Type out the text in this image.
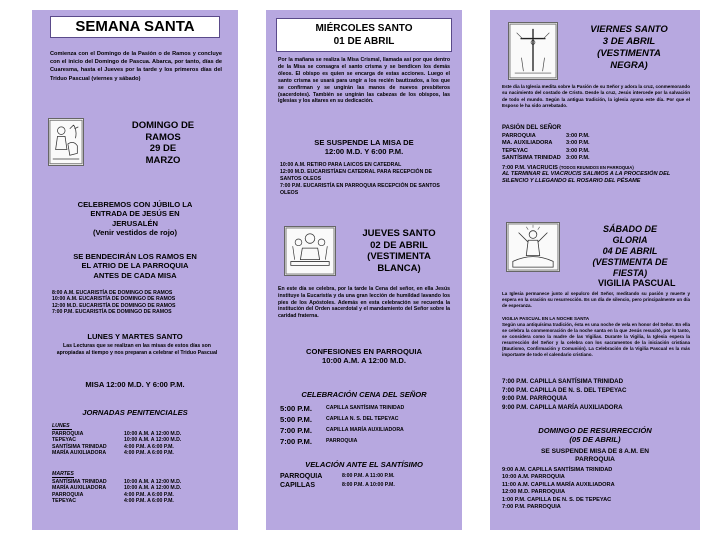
SEMANA SANTA
Comienza con el Domingo de la Pasión o de Ramos y concluye con el inicio del Domingo de Pascua. Abarca, por tanto, días de Cuaresma, hasta el Jueves por la tarde y los primeros días del Triduo Pascual (viernes y sábado)
DOMINGO DE
RAMOS
29 DE
MARZO
CELEBREMOS CON JÚBILO LA
ENTRADA DE JESÚS EN
JERUSALÉN
(Venir vestidos de rojo)
SE BENDECIRÁN LOS RAMOS EN
EL ATRIO DE LA PARROQUIA
ANTES DE CADA MISA
8:00 A.M. EUCARISTÍA DE DOMINGO DE RAMOS
10:00 A.M. EUCARISTÍA DE DOMINGO DE RAMOS
12:00 M.D. EUCARISTÍA DE DOMINGO DE RAMOS
7:00 P.M. EUCARISTÍA DE DOMINGO DE RAMOS
LUNES Y MARTES SANTO
Las Lecturas que se realizan en las misas de estos días son apropiadas al tiempo y nos preparan a celebrar el Triduo Pascual
MISA 12:00 M.D. Y 6:00 P.M.
JORNADAS PENITENCIALES
LUNES
PARROQUIA	10:00 A.M. A 12:00 M.D.
TEPEYAC	10:00 A.M. A 12:00 M.D.
SANTÍSIMA TRINIDAD	4:00 P.M. A 6:00 P.M.
MARÍA AUXILIADORA	4:00 P.M. A 6:00 P.M.
MARTES
SANTÍSIMA TRINIDAD	10:00 A.M. A 12:00 M.D.
MARÍA AUXILIADORA	10:00 A.M. A 12:00 M.D.
PARROQUIA	4:00 P.M. A 6:00 P.M.
TEPEYAC	4:00 P.M. A 6:00 P.M.
MIÉRCOLES SANTO
01 DE ABRIL
Por la mañana se realiza la Misa Crismal, llamada así por que dentro de la Misa se consagra el santo crisma y se bendicen los demás óleos. El obispo es quien se encarga de estas acciones. Luego el santo crisma se usará para ungir a los recién bautizados, a los que se confirman y se ungirán las manos de nuevos presbíteros (sacerdotes). También se ungirán las cabezas de los obispos, las iglesias y los altares en su dedicación.
SE SUSPENDE LA MISA DE
12:00 M.D. Y 6:00 P.M.
10:00 A.M. RETIRO PARA LAICOS EN CATEDRAL
12:00 M.D. EUCARISTÍAEN CATEDRAL PARA RECEPCIÓN DE SANTOS OLEOS
7:00 P.M. EUCARISTÍA EN PARROQUIA RECEPCIÓN DE SANTOS OLEOS
JUEVES SANTO
02 DE ABRIL
(VESTIMENTA
BLANCA)
En este día se celebra, por la tarde la Cena del señor, en ella Jesús instituye la Eucaristía y da una gran lección de humildad lavando los pies de los Apóstoles. Además en esta celebración se recuerda la institución del Orden sacerdotal y el mandamiento del Señor sobre la caridad fraterna.
CONFESIONES EN PARROQUIA
10:00 A.M. A 12:00 M.D.
CELEBRACIÓN CENA DEL SEÑOR
5:00 P.M.	CAPILLA SANTÍSIMA TRINIDAD
5:00 P.M.	CAPILLA N. S. DEL TEPEYAC
7:00 P.M.	CAPILLA MARÍA AUXILIADORA
7:00 P.M.	PARROQUIA
VELACIÓN ANTE EL SANTÍSIMO
PARROQUIA	8:00 P.M. A 11:00 P.M.
CAPILLAS	8:00 P.M. A 10:00 P.M.
VIERNES SANTO
3 DE ABRIL
(VESTIMENTA
NEGRA)
Este día la Iglesia medita sobre la Pasión de su Señor y adora la cruz, conmemorando su nacimiento del costado de Cristo. Desde la cruz, Jesús intercede por la salvación de todo el mundo. Según la antigua tradición, la iglesia ayuna este día. Por que el Esposo le ha sido arrebatado.
PASIÓN DEL SEÑOR
PARROQUIA	3:00 P.M.
MA. AUXILIADORA	3:00 P.M.
TEPEYAC	3:00 P.M.
SANTÍSIMA TRINIDAD 3:00 P.M.
7:00 P.M. VIACRUCIS (TODOS REUNIDOS EN PARROQUIA)
AL TERMINAR EL VIACRUCIS SALIMOS A LA PROCESIÓN DEL SILENCIO Y LLEGANDO EL ROSARIO DEL PÉSAME
SÁBADO DE
GLORIA
04 DE ABRIL
(VESTIMENTA DE
FIESTA)
VIGILIA PASCUAL
La Iglesia permanece junto al sepulcro del Señor, meditando su pasión y muerte y espera en la oración su resurrección. Es un día de silencio, pero principalmente un día de esperanza.
VIGILIA PASCUAL EN LA NOCHE SANTA
Según una antiquísima tradición, ésta es una noche de vela en honor del Señor. En ella se celebra la conmemoración de la noche santa en la que Jesús resucitó, por lo tanto, se considera como la madre de las Vigilias. Durante la Vigilia, la Iglesia espera la resurrección del Señor y la celebra con los sacramentos de la iniciación cristiana (Bautismo, Confirmación y Comunión). La Celebración de la Vigilia Pascual es la más importante de todo el calendario cristiano.
7:00 P.M. CAPILLA SANTÍSIMA TRINIDAD
7:00 P.M. CAPILLA DE N. S. DEL TEPEYAC
9:00 P.M. PARROQUIA
9:00 P.M. CAPILLA MARÍA AUXILIADORA
DOMINGO DE RESURRECCIÓN
(05 DE ABRIL)
SE SUSPENDE MISA DE 8 A.M. EN
PARROQUIA
9:00 A.M. CAPILLA SANTÍSIMA TRINIDAD
10:00 A.M. PARROQUIA
11:00 A.M. CAPILLA MARÍA AUXILIADORA
12:00 M.D. PARROQUIA
1:00 P.M. CAPILLA DE N. S. DE TEPEYAC
7:00 P.M. PARROQUIA
